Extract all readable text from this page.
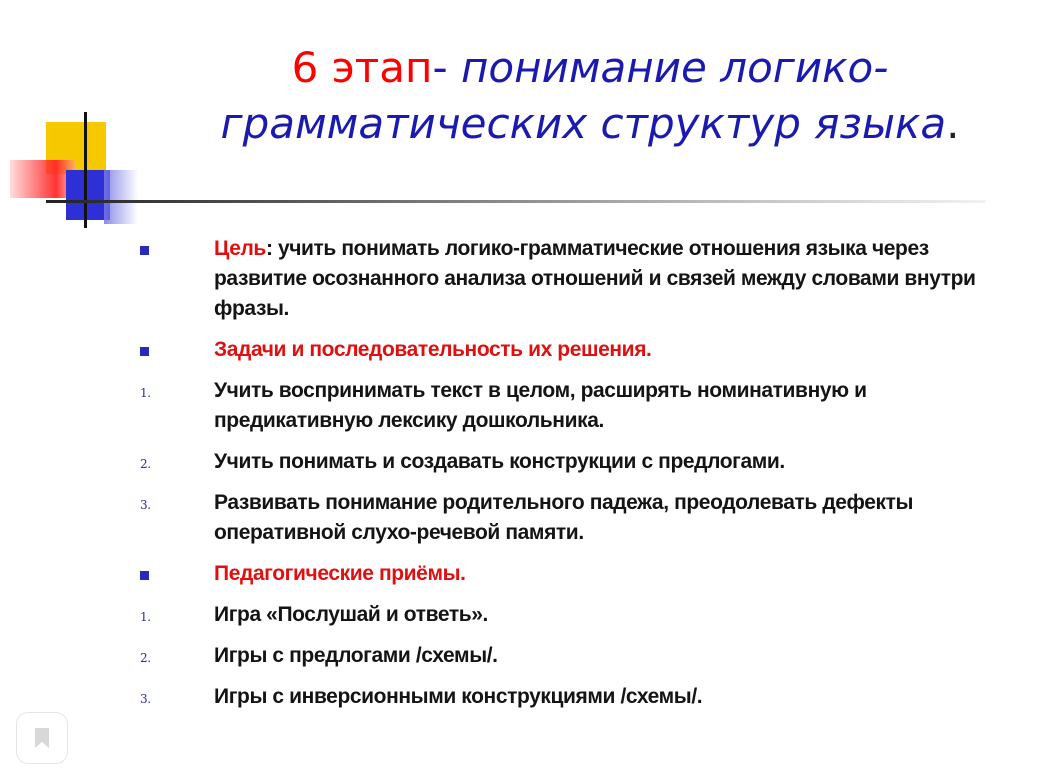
6 этап- понимание логико-грамматических структур языка.
Цель: учить понимать логико-грамматические отношения языка через развитие осознанного анализа отношений и связей между словами внутри фразы.
Задачи и последовательность их решения.
1.	Учить воспринимать текст в целом, расширять номинативную и предикативную лексику дошкольника.
2.	Учить понимать и создавать конструкции с предлогами.
3.	Развивать понимание родительного падежа, преодолевать дефекты оперативной слухо-речевой памяти.
Педагогические приёмы.
1.	Игра «Послушай и ответь».
2.	Игры с предлогами /схемы/.
3.	Игры с инверсионными конструкциями /схемы/.
